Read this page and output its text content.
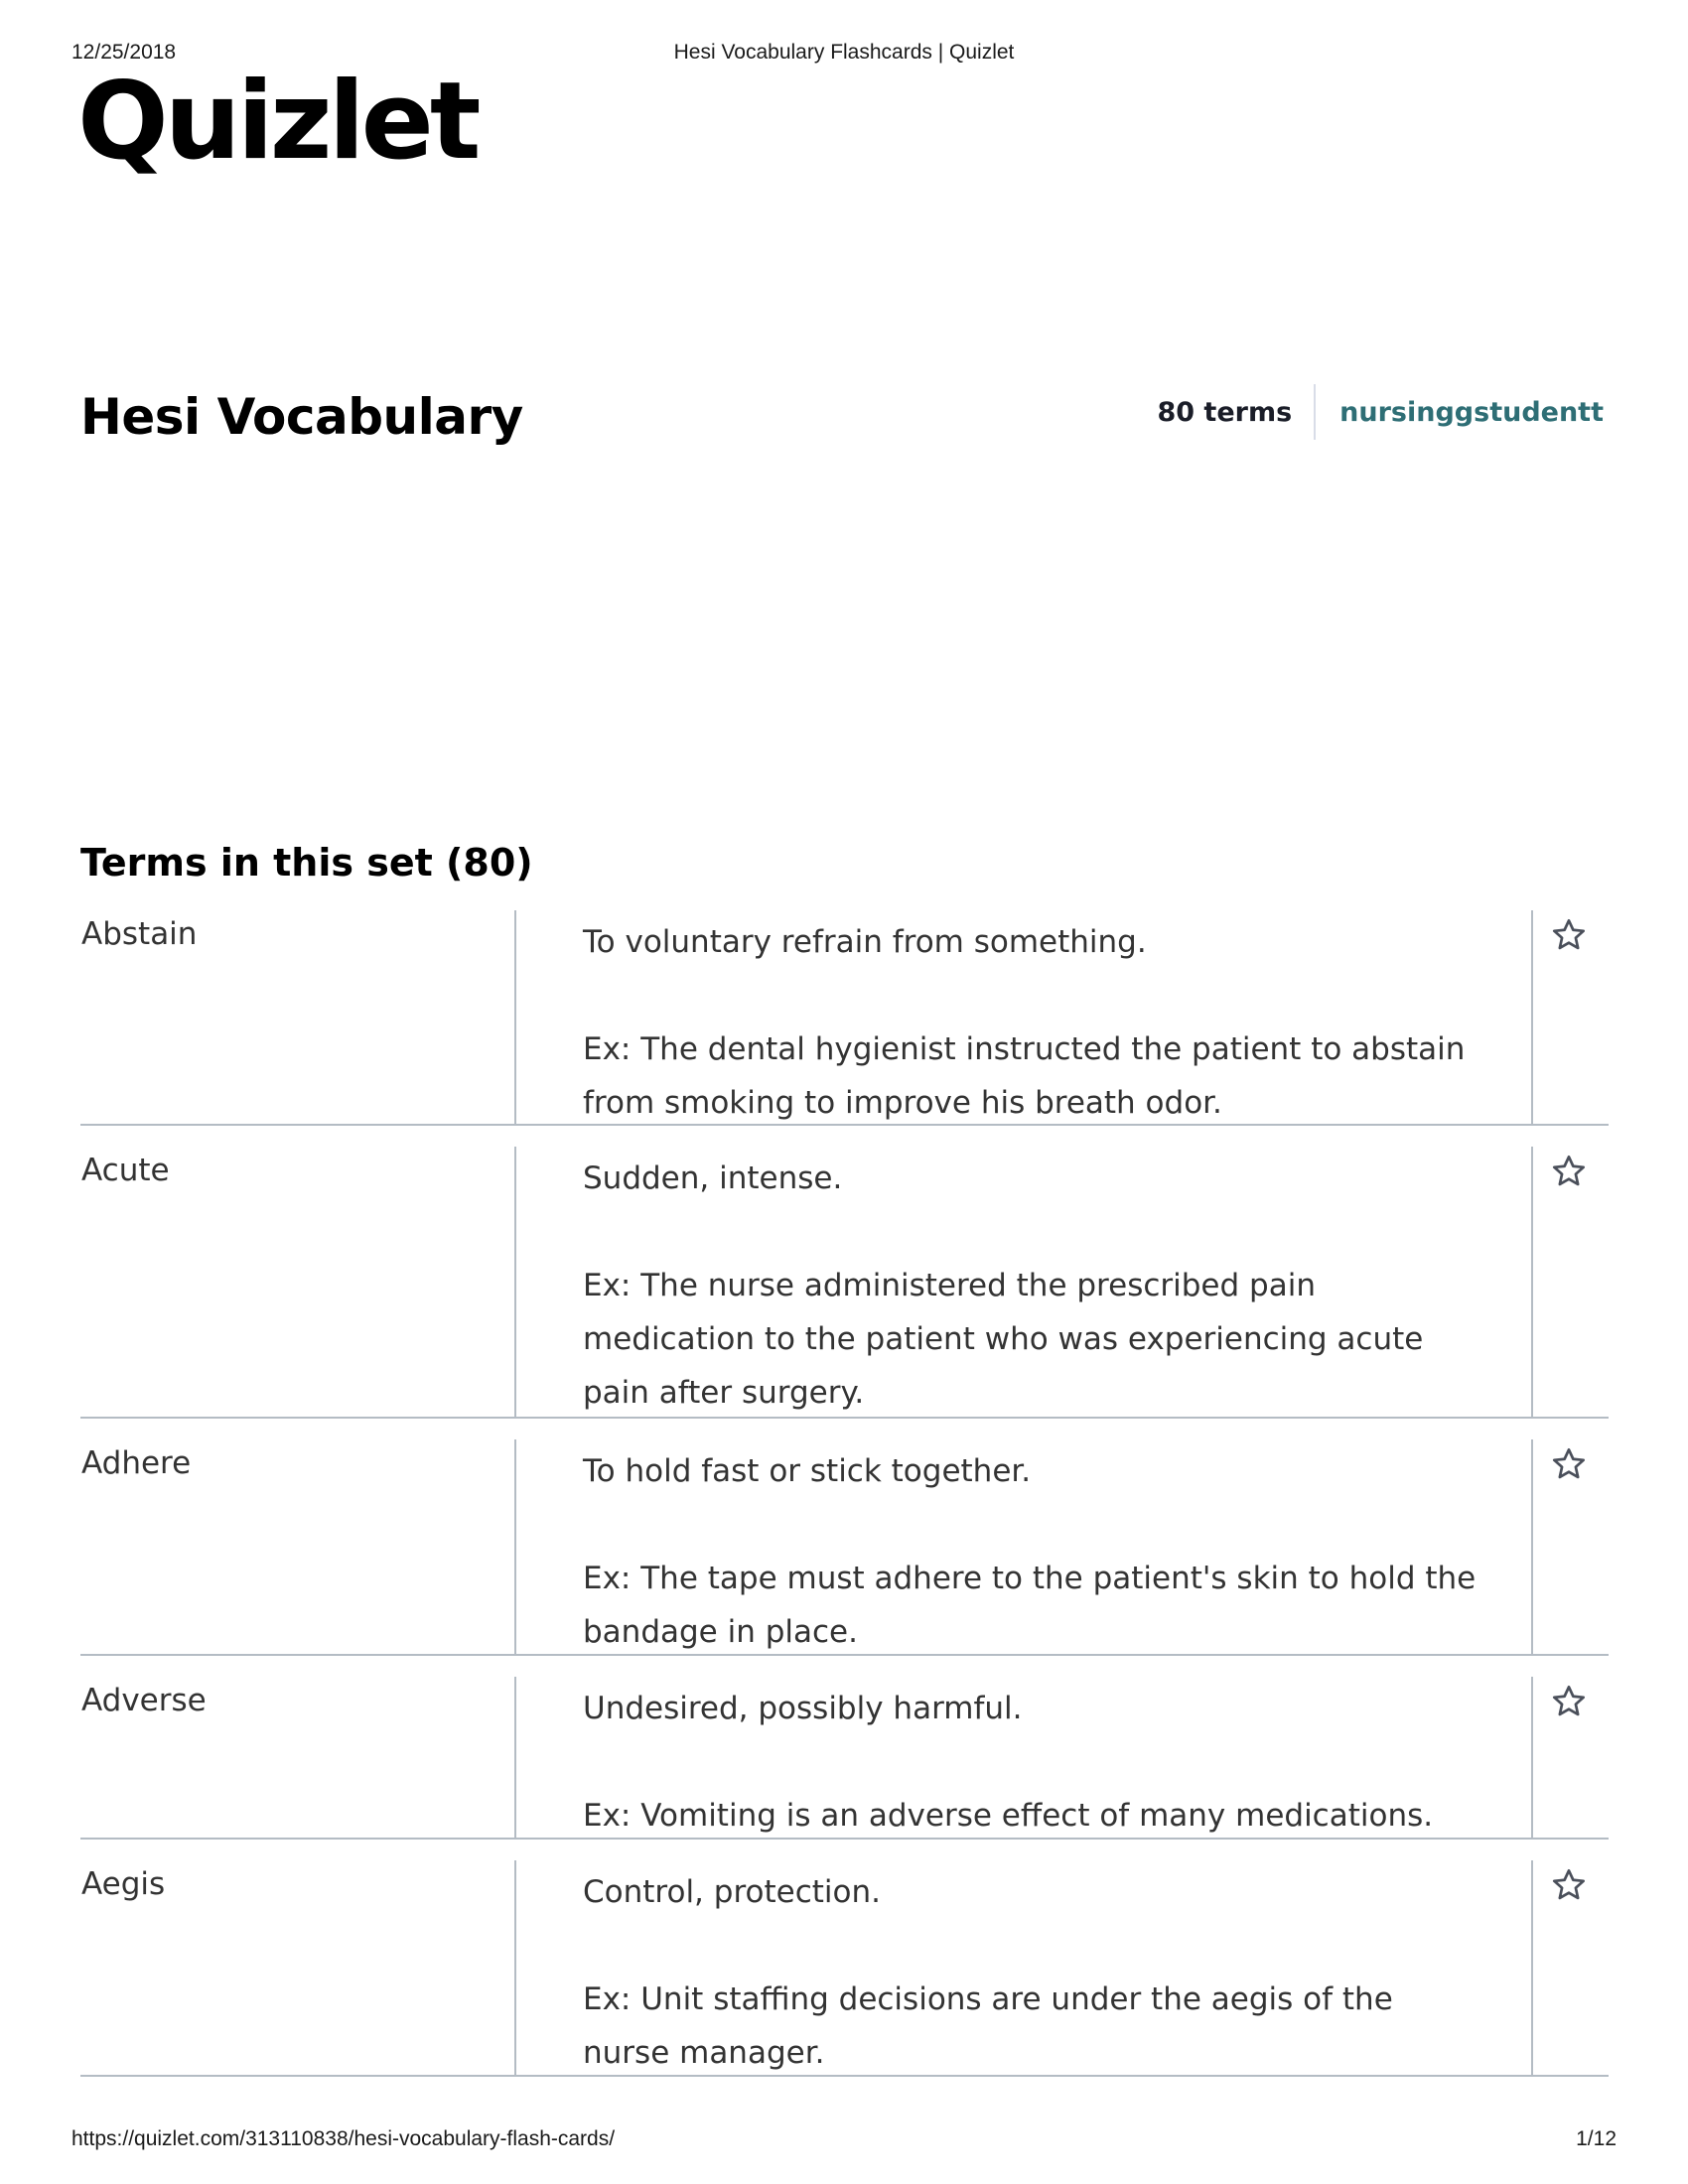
12/25/2018	Hesi Vocabulary Flashcards | Quizlet
Quizlet
Hesi Vocabulary	80 terms	nursinggstudentt
Terms in this set (80)
Abstain	To voluntary refrain from something.

Ex: The dental hygienist instructed the patient to abstain from smoking to improve his breath odor.
Acute	Sudden, intense.

Ex: The nurse administered the prescribed pain medication to the patient who was experiencing acute pain after surgery.
Adhere	To hold fast or stick together.

Ex: The tape must adhere to the patient's skin to hold the bandage in place.
Adverse	Undesired, possibly harmful.

Ex: Vomiting is an adverse effect of many medications.
Aegis	Control, protection.

Ex: Unit staffing decisions are under the aegis of the nurse manager.
https://quizlet.com/313110838/hesi-vocabulary-flash-cards/	1/12
